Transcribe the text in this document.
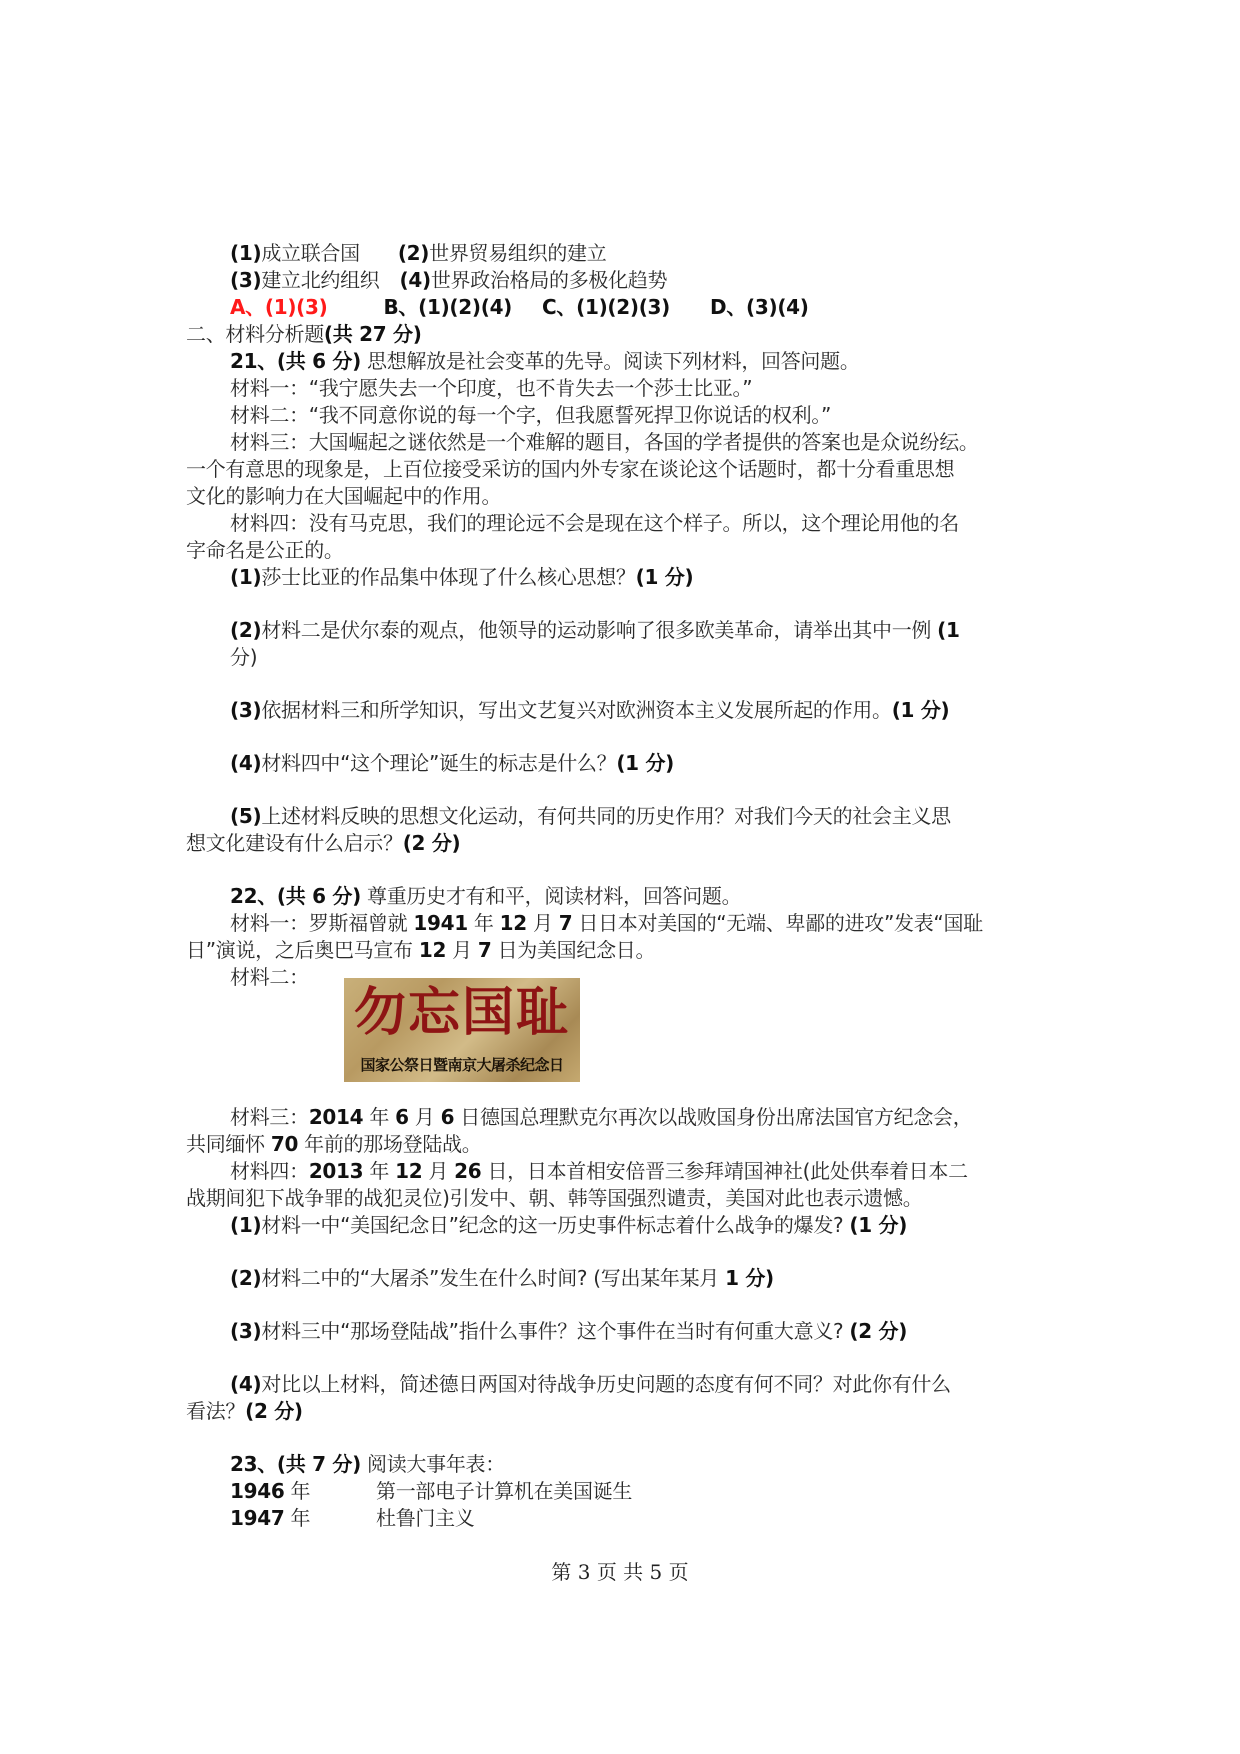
(1)成立联合国 (2)世界贸易组织的建立
(3)建立北约组织 (4)世界政治格局的多极化趋势
A、(1)(3)	B、(1)(2)(4) C、(1)(2)(3) D、(3)(4)
二、材料分析题(共 27 分)
21、(共 6 分) 思想解放是社会变革的先导。阅读下列材料，回答问题。
材料一：“我宁愿失去一个印度，也不肯失去一个莎士比亚。”
材料二：“我不同意你说的每一个字，但我愿誓死捍卫你说话的权利。”
材料三：大国崛起之谜依然是一个难解的题目，各国的学者提供的答案也是众说纷纭。
一个有意思的现象是，上百位接受采访的国内外专家在谈论这个话题时，都十分看重思想
文化的影响力在大国崛起中的作用。
材料四：没有马克思，我们的理论远不会是现在这个样子。所以，这个理论用他的名
字命名是公正的。
(1)莎士比亚的作品集中体现了什么核心思想？(1 分)
(2)材料二是伏尔泰的观点，他领导的运动影响了很多欧美革命，请举出其中一例 (1
分)
(3)依据材料三和所学知识，写出文艺复兴对欧洲资本主义发展所起的作用。(1 分)
(4)材料四中“这个理论”诞生的标志是什么？(1 分)
(5)上述材料反映的思想文化运动，有何共同的历史作用？对我们今天的社会主义思
想文化建设有什么启示？(2 分)
22、(共 6 分) 尊重历史才有和平，阅读材料，回答问题。
材料一：罗斯福曾就 1941 年 12 月 7 日日本对美国的“无端、卑鄙的进攻”发表“国耻
日”演说，之后奥巴马宣布 12 月 7 日为美国纪念日。
材料二：
勿忘国耻
国家公祭日暨南京大屠杀纪念日
材料三：2014 年 6 月 6 日德国总理默克尔再次以战败国身份出席法国官方纪念会，
共同缅怀 70 年前的那场登陆战。
材料四：2013 年 12 月 26 日，日本首相安倍晋三参拜靖国神社(此处供奉着日本二
战期间犯下战争罪的战犯灵位)引发中、朝、韩等国强烈谴责，美国对此也表示遗憾。
(1)材料一中“美国纪念日”纪念的这一历史事件标志着什么战争的爆发? (1 分)
(2)材料二中的“大屠杀”发生在什么时间? (写出某年某月 1 分)
(3)材料三中“那场登陆战”指什么事件？这个事件在当时有何重大意义? (2 分)
(4)对比以上材料，简述德日两国对待战争历史问题的态度有何不同？对此你有什么
看法？(2 分)
23、(共 7 分) 阅读大事年表：
1946 年	第一部电子计算机在美国诞生
1947 年	杜鲁门主义
第 3 页 共 5 页
